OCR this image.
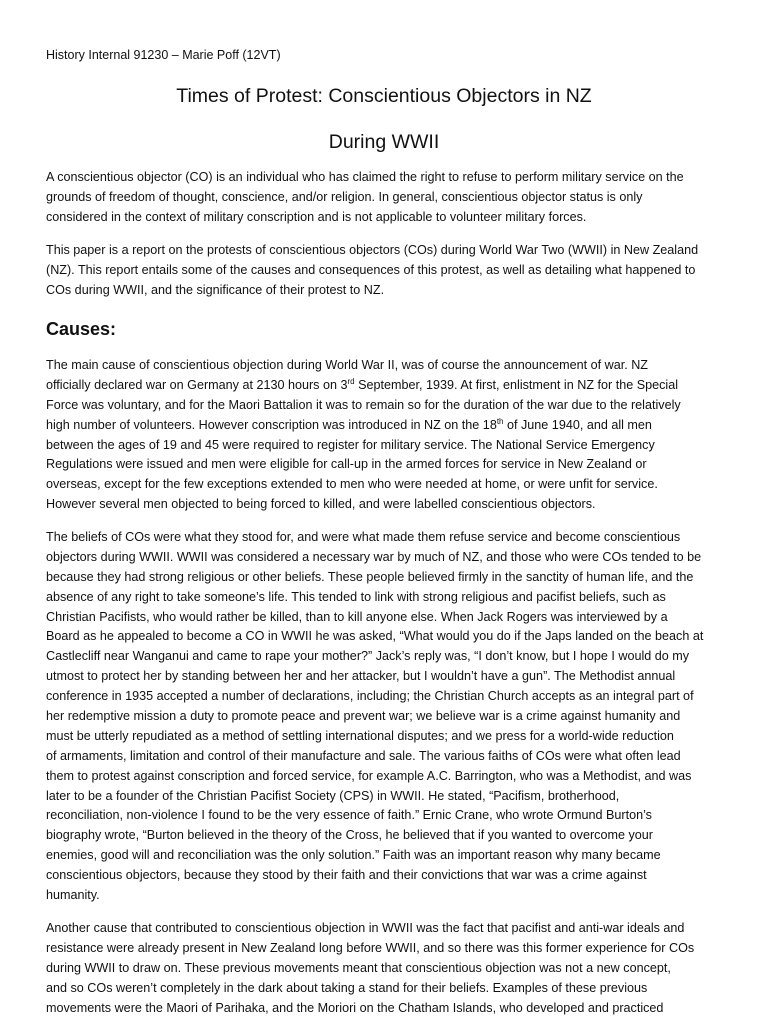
History Internal 91230 – Marie Poff (12VT)
Times of Protest: Conscientious Objectors in NZ
During WWII
A conscientious objector (CO) is an individual who has claimed the right to refuse to perform military service on the
grounds of freedom of thought, conscience, and/or religion. In general, conscientious objector status is only
considered in the context of military conscription and is not applicable to volunteer military forces.
This paper is a report on the protests of conscientious objectors (COs) during World War Two (WWII) in New Zealand
(NZ). This report entails some of the causes and consequences of this protest, as well as detailing what happened to
COs during WWII, and the significance of their protest to NZ.
Causes:
The main cause of conscientious objection during World War II, was of course the announcement of war. NZ
officially declared war on Germany at 2130 hours on 3rd September, 1939. At first, enlistment in NZ for the Special
Force was voluntary, and for the Maori Battalion it was to remain so for the duration of the war due to the relatively
high number of volunteers. However conscription was introduced in NZ on the 18th of June 1940, and all men
between the ages of 19 and 45 were required to register for military service. The National Service Emergency
Regulations were issued and men were eligible for call-up in the armed forces for service in New Zealand or
overseas, except for the few exceptions extended to men who were needed at home, or were unfit for service.
However several men objected to being forced to killed, and were labelled conscientious objectors.
The beliefs of COs were what they stood for, and were what made them refuse service and become conscientious
objectors during WWII. WWII was considered a necessary war by much of NZ, and those who were COs tended to be
because they had strong religious or other beliefs. These people believed firmly in the sanctity of human life, and the
absence of any right to take someone’s life. This tended to link with strong religious and pacifist beliefs, such as
Christian Pacifists, who would rather be killed, than to kill anyone else. When Jack Rogers was interviewed by a
Board as he appealed to become a CO in WWII he was asked, “What would you do if the Japs landed on the beach at
Castlecliff near Wanganui and came to rape your mother?” Jack’s reply was, “I don’t know, but I hope I would do my
utmost to protect her by standing between her and her attacker, but I wouldn’t have a gun”. The Methodist annual
conference in 1935 accepted a number of declarations, including; the Christian Church accepts as an integral part of
her redemptive mission a duty to promote peace and prevent war; we believe war is a crime against humanity and
must be utterly repudiated as a method of settling international disputes; and we press for a world-wide reduction
of armaments, limitation and control of their manufacture and sale. The various faiths of COs were what often lead
them to protest against conscription and forced service, for example A.C. Barrington, who was a Methodist, and was
later to be a founder of the Christian Pacifist Society (CPS) in WWII. He stated, “Pacifism, brotherhood,
reconciliation, non-violence I found to be the very essence of faith.” Ernic Crane, who wrote Ormund Burton’s
biography wrote, “Burton believed in the theory of the Cross, he believed that if you wanted to overcome your
enemies, good will and reconciliation was the only solution.” Faith was an important reason why many became
conscientious objectors, because they stood by their faith and their convictions that war was a crime against
humanity.
Another cause that contributed to conscientious objection in WWII was the fact that pacifist and anti-war ideals and
resistance were already present in New Zealand long before WWII, and so there was this former experience for COs
during WWII to draw on. These previous movements meant that conscientious objection was not a new concept,
and so COs weren’t completely in the dark about taking a stand for their beliefs. Examples of these previous
movements were the Maori of Parihaka, and the Moriori on the Chatham Islands, who developed and practiced
